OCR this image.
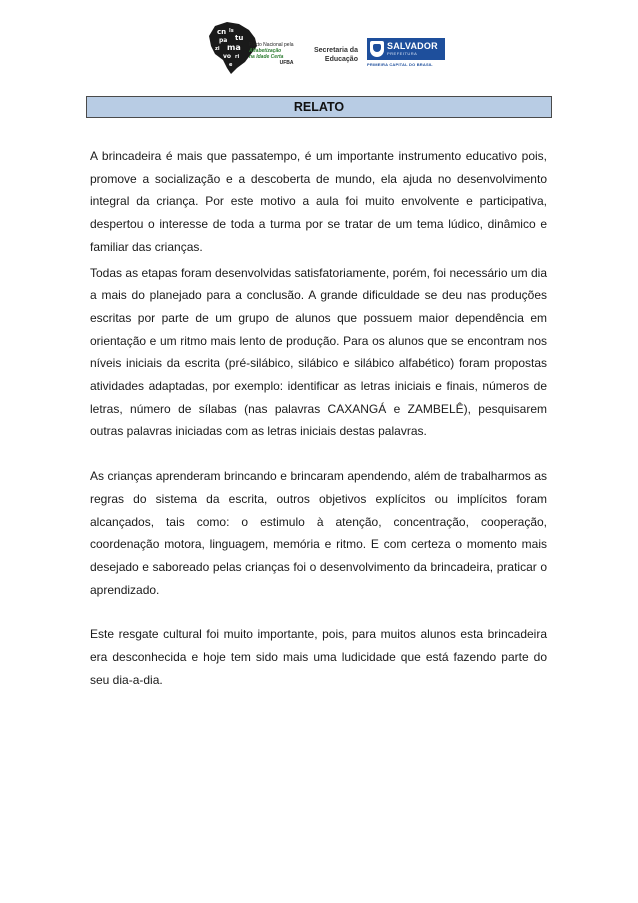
cn ls
pa tu
zi ma
vo ri
e
Pacto Nacional pela
Alfabetização
na Idade Certa
UFBA
Secretaria da
Educação
SALVADOR
PREFEITURA
PRIMEIRA CAPITAL DO BRASIL
RELATO

A brincadeira é mais que passatempo, é um importante instrumento educativo pois, promove a socialização e a descoberta de mundo, ela ajuda no desenvolvimento integral da criança. Por este motivo a aula foi muito envolvente e participativa, despertou o interesse de toda a turma por se tratar de um tema lúdico, dinâmico e familiar das crianças.

Todas as etapas foram desenvolvidas satisfatoriamente, porém, foi necessário um dia a mais do planejado para a conclusão. A grande dificuldade se deu nas produções escritas por parte de um grupo de alunos que possuem maior dependência em orientação e um ritmo mais lento de produção. Para os alunos que se encontram nos níveis iniciais da escrita (pré-silábico, silábico e silábico alfabético) foram propostas atividades adaptadas, por exemplo: identificar as letras iniciais e finais, números de letras, número de sílabas (nas palavras CAXANGÁ e ZAMBELÊ), pesquisarem outras palavras iniciadas com as letras iniciais destas palavras.

As crianças aprenderam brincando e brincaram apendendo, além de trabalharmos as regras do sistema da escrita, outros objetivos explícitos ou implícitos foram alcançados, tais como: o estimulo à atenção, concentração, cooperação, coordenação motora, linguagem, memória e ritmo. E com certeza o momento mais desejado e saboreado pelas crianças foi o desenvolvimento da brincadeira, praticar o aprendizado.

Este resgate cultural foi muito importante, pois, para muitos alunos esta brincadeira era desconhecida e hoje tem sido mais uma ludicidade que está fazendo parte do seu dia-a-dia.
